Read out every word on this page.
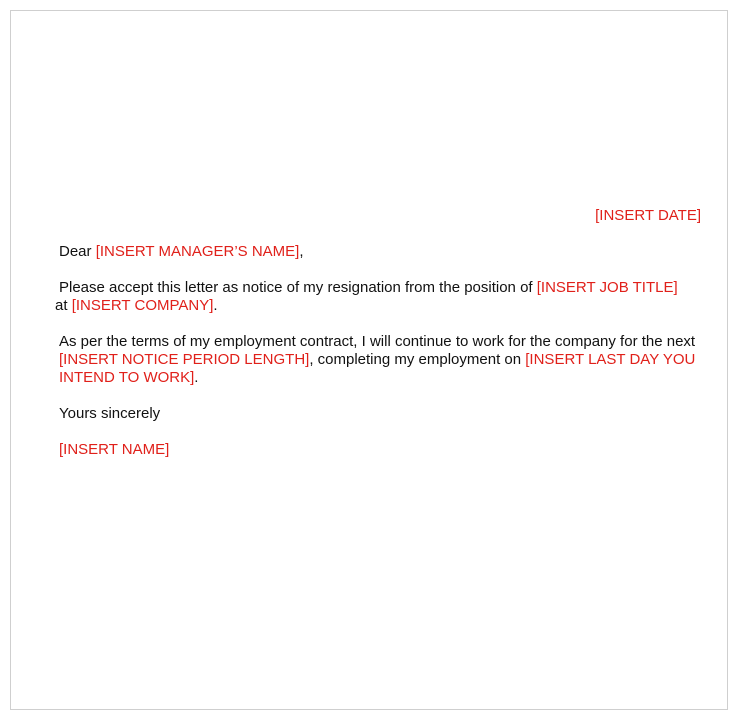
[INSERT DATE]

Dear [INSERT MANAGER’S NAME],

Please accept this letter as notice of my resignation from the position of [INSERT JOB TITLE]
at [INSERT COMPANY].

As per the terms of my employment contract, I will continue to work for the company for the next [INSERT NOTICE PERIOD LENGTH], completing my employment on [INSERT LAST DAY YOU INTEND TO WORK].

Yours sincerely

[INSERT NAME]
